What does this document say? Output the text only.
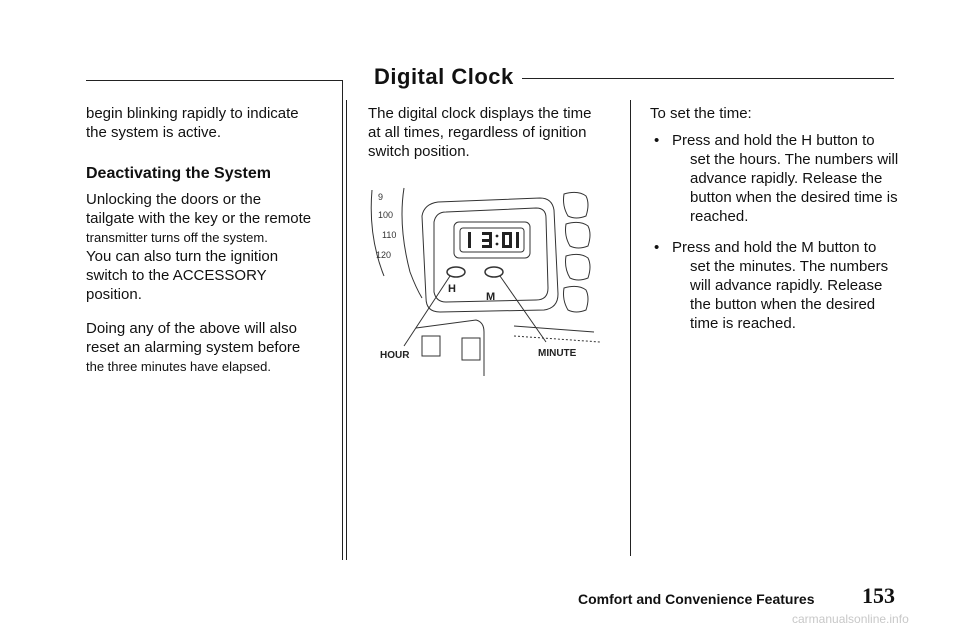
Digital Clock

begin blinking rapidly to indicate

the system is active.

Deactivating the System

Unlocking the doors or the

tailgate with the key or the remote

transmitter turns off the system.

You can also turn the ignition

switch to the ACCESSORY

position.

Doing any of the above will also

reset an alarming system before

the three minutes have elapsed.

The digital clock displays the time

at all times, regardless of ignition

switch position.

9
100
110
120
H
M
HOUR	MINUTE

To set the time:

• Press and hold the H button to

set the hours. The numbers will

advance rapidly. Release the

button when the desired time is

reached.

• Press and hold the M button to

set the minutes. The numbers

will advance rapidly. Release

the button when the desired

time is reached.

Comfort and Convenience Features 153
carmanualsonline.info
